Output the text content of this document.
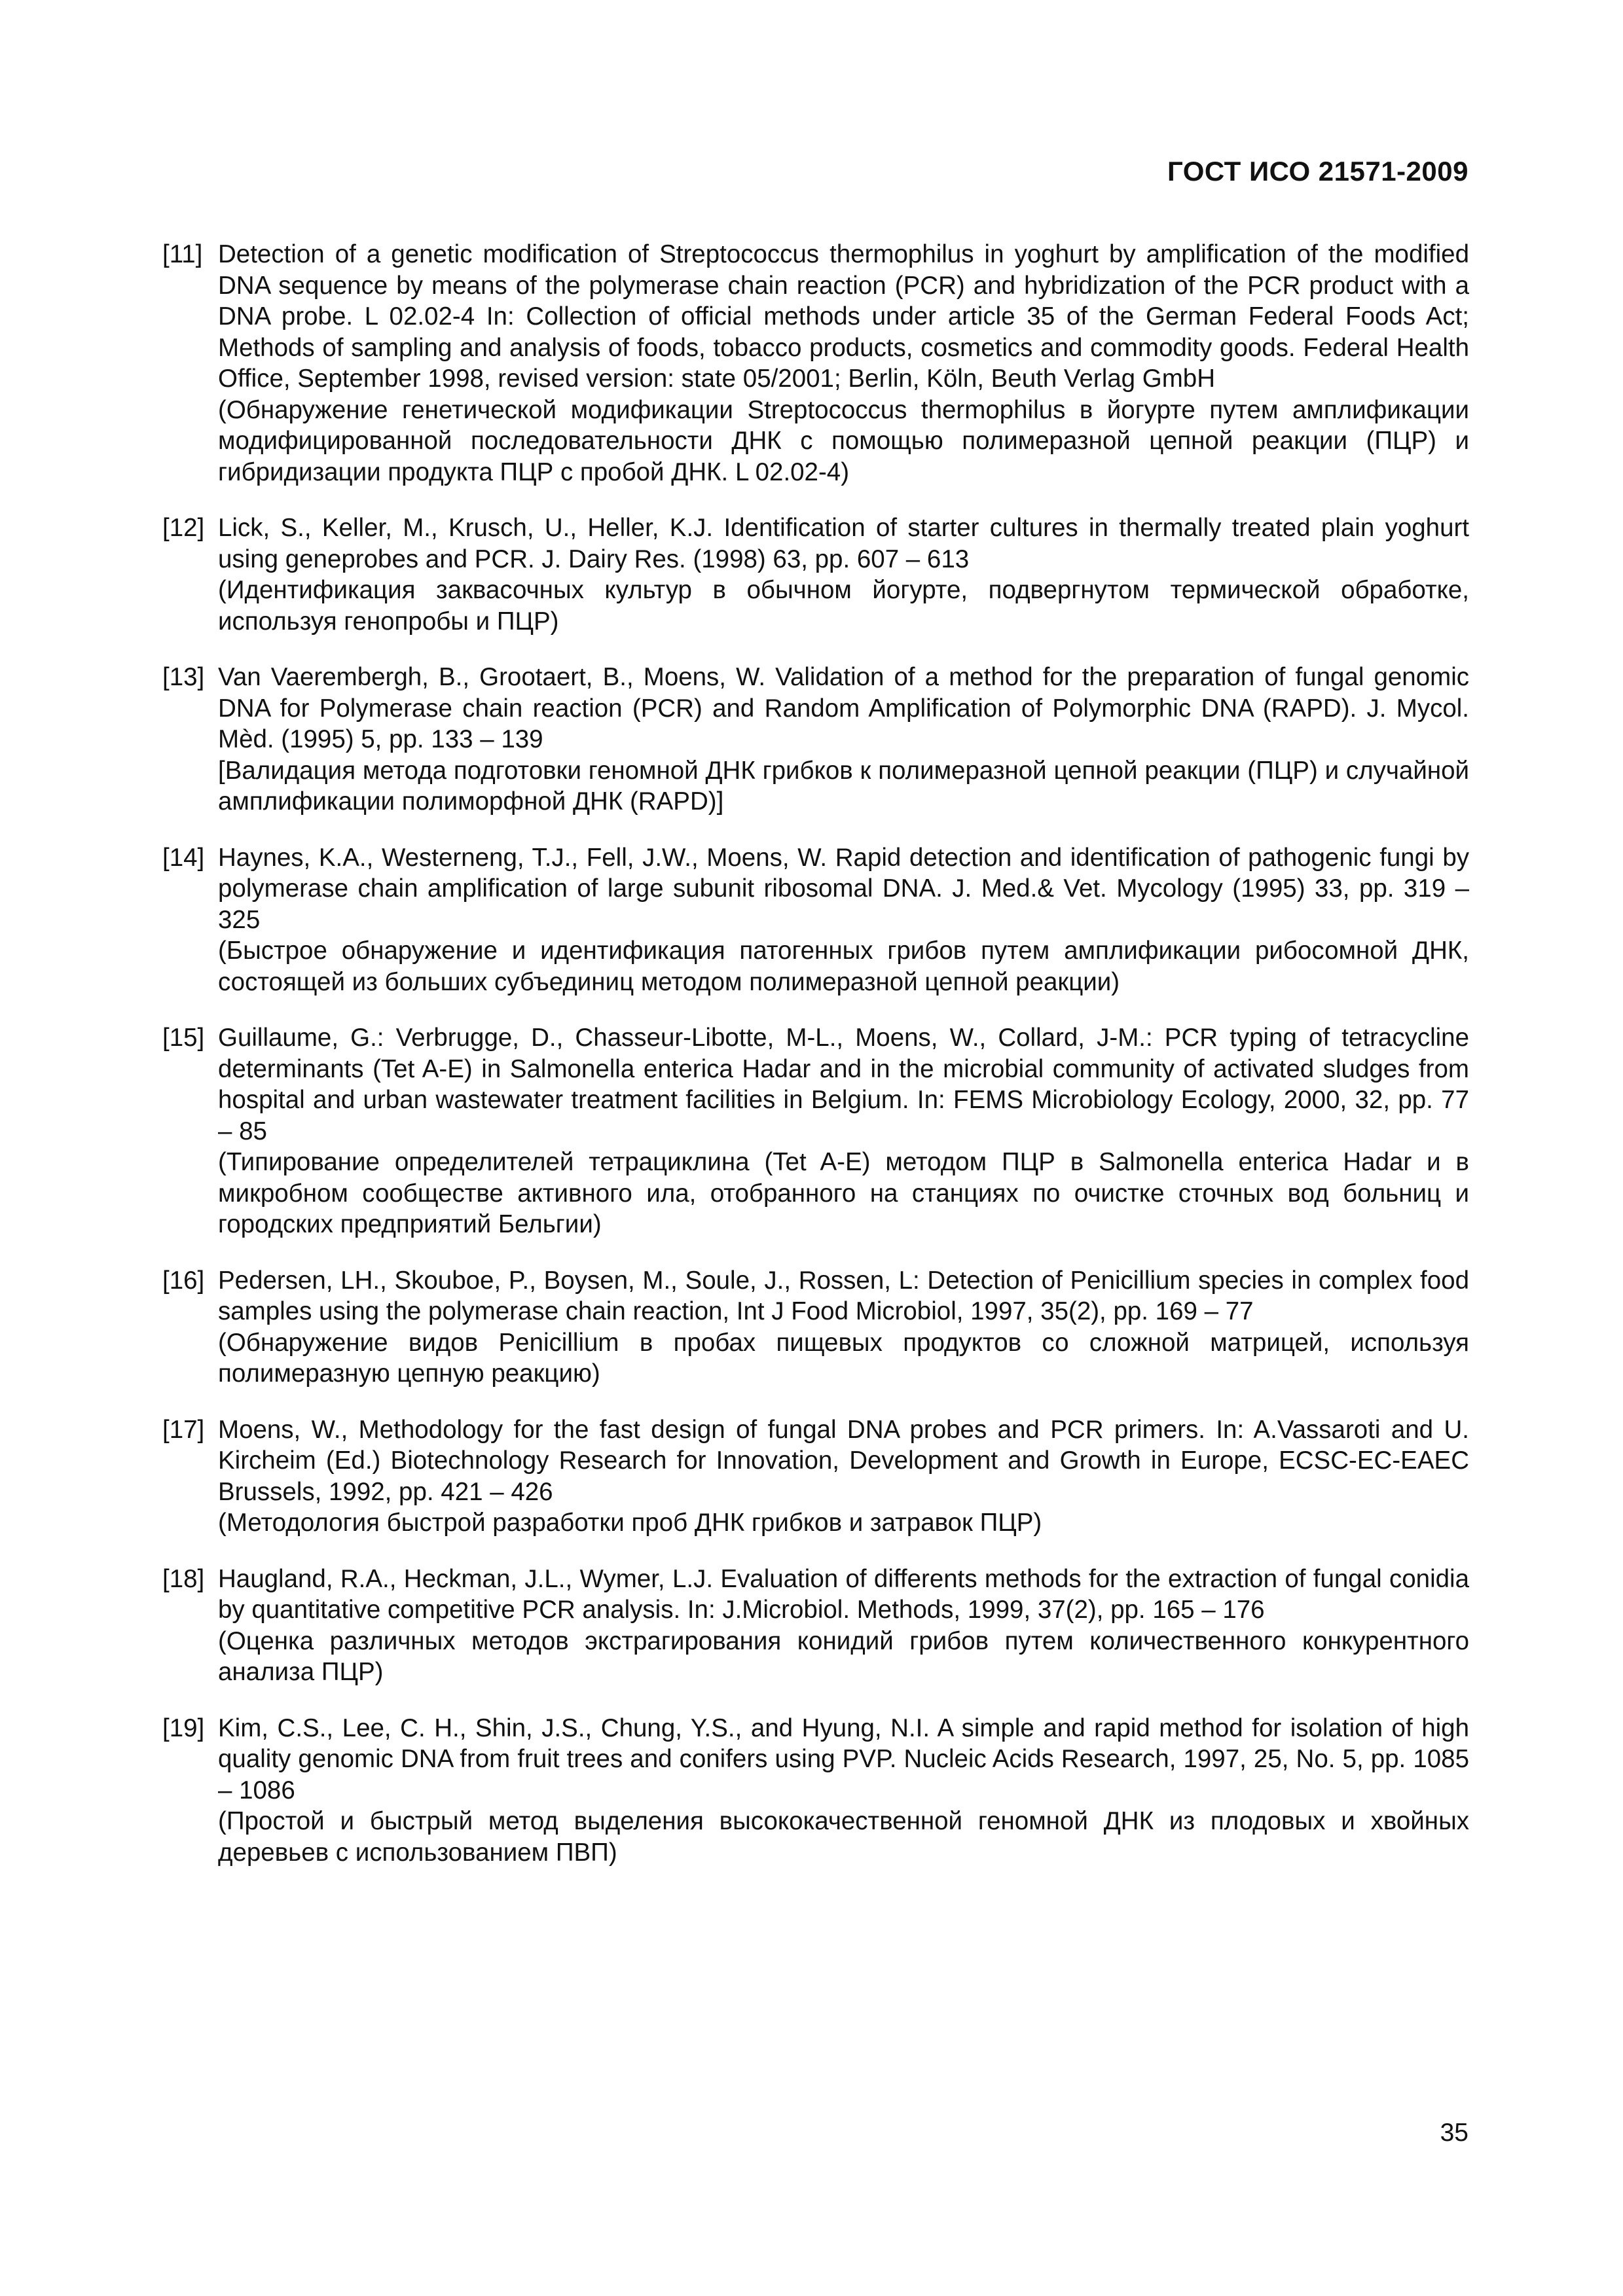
ГОСТ ИСО 21571-2009
[11] Detection of a genetic modification of Streptococcus thermophilus in yoghurt by amplification of the modified DNA sequence by means of the polymerase chain reaction (PCR) and hybridization of the PCR product with a DNA probe. L 02.02-4 In: Collection of official methods under article 35 of the German Federal Foods Act; Methods of sampling and analysis of foods, tobacco products, cosmetics and commodity goods. Federal Health Office, September 1998, revised version: state 05/2001; Berlin, Köln, Beuth Verlag GmbH

(Обнаружение генетической модификации Streptococcus thermophilus в йогурте путем амплификации модифицированной последовательности ДНК с помощью полимеразной цепной реакции (ПЦР) и гибридизации продукта ПЦР с пробой ДНК. L 02.02-4)

[12] Lick, S., Keller, M., Krusch, U., Heller, K.J. Identification of starter cultures in thermally treated plain yoghurt using geneprobes and PCR. J. Dairy Res. (1998) 63, pp. 607 – 613

(Идентификация заквасочных культур в обычном йогурте, подвергнутом термической обработке, используя генопробы и ПЦР)

[13] Van Vaerembergh, B., Grootaert, B., Moens, W. Validation of a method for the preparation of fungal genomic DNA for Polymerase chain reaction (PCR) and Random Amplification of Polymorphic DNA (RAPD). J. Mycol. Mèd. (1995) 5, pp. 133 – 139

[Валидация метода подготовки геномной ДНК грибков к полимеразной цепной реакции (ПЦР) и случайной амплификации полиморфной ДНК (RAPD)]

[14] Haynes, K.A., Westerneng, T.J., Fell, J.W., Moens, W. Rapid detection and identification of pathogenic fungi by polymerase chain amplification of large subunit ribosomal DNA. J. Med.& Vet. Mycology (1995) 33, pp. 319 – 325

(Быстрое обнаружение и идентификация патогенных грибов путем амплификации рибосомной ДНК, состоящей из больших субъединиц методом полимеразной цепной реакции)

[15] Guillaume, G.: Verbrugge, D., Chasseur-Libotte, M-L., Moens, W., Collard, J-M.: PCR typing of tetracycline determinants (Tet A-E) in Salmonella enterica Hadar and in the microbial community of activated sludges from hospital and urban wastewater treatment facilities in Belgium. In: FEMS Microbiology Ecology, 2000, 32, pp. 77 – 85

(Типирование определителей тетрациклина (Tet A-E) методом ПЦР в Salmonella enterica Hadar и в микробном сообществе активного ила, отобранного на станциях по очистке сточных вод больниц и городских предприятий Бельгии)

[16] Pedersen, LH., Skouboe, P., Boysen, M., Soule, J., Rossen, L: Detection of Penicillium species in complex food samples using the polymerase chain reaction, Int J Food Microbiol, 1997, 35(2), pp. 169 – 77

(Обнаружение видов Penicillium в пробах пищевых продуктов со сложной матрицей, используя полимеразную цепную реакцию)

[17] Moens, W., Methodology for the fast design of fungal DNA probes and PCR primers. In: A.Vassaroti and U. Kircheim (Ed.) Biotechnology Research for Innovation, Development and Growth in Europe, ECSC-EC-EAEC Brussels, 1992, pp. 421 – 426

(Методология быстрой разработки проб ДНК грибков и затравок ПЦР)

[18] Haugland, R.A., Heckman, J.L., Wymer, L.J. Evaluation of differents methods for the extraction of fungal conidia by quantitative competitive PCR analysis. In: J.Microbiol. Methods, 1999, 37(2), pp. 165 – 176

(Оценка различных методов экстрагирования конидий грибов путем количественного конкурентного анализа ПЦР)

[19] Kim, C.S., Lee, C. H., Shin, J.S., Chung, Y.S., and Hyung, N.I. A simple and rapid method for isolation of high quality genomic DNA from fruit trees and conifers using PVP. Nucleic Acids Research, 1997, 25, No. 5, pp. 1085 – 1086

(Простой и быстрый метод выделения высококачественной геномной ДНК из плодовых и хвойных деревьев с использованием ПВП)

35
